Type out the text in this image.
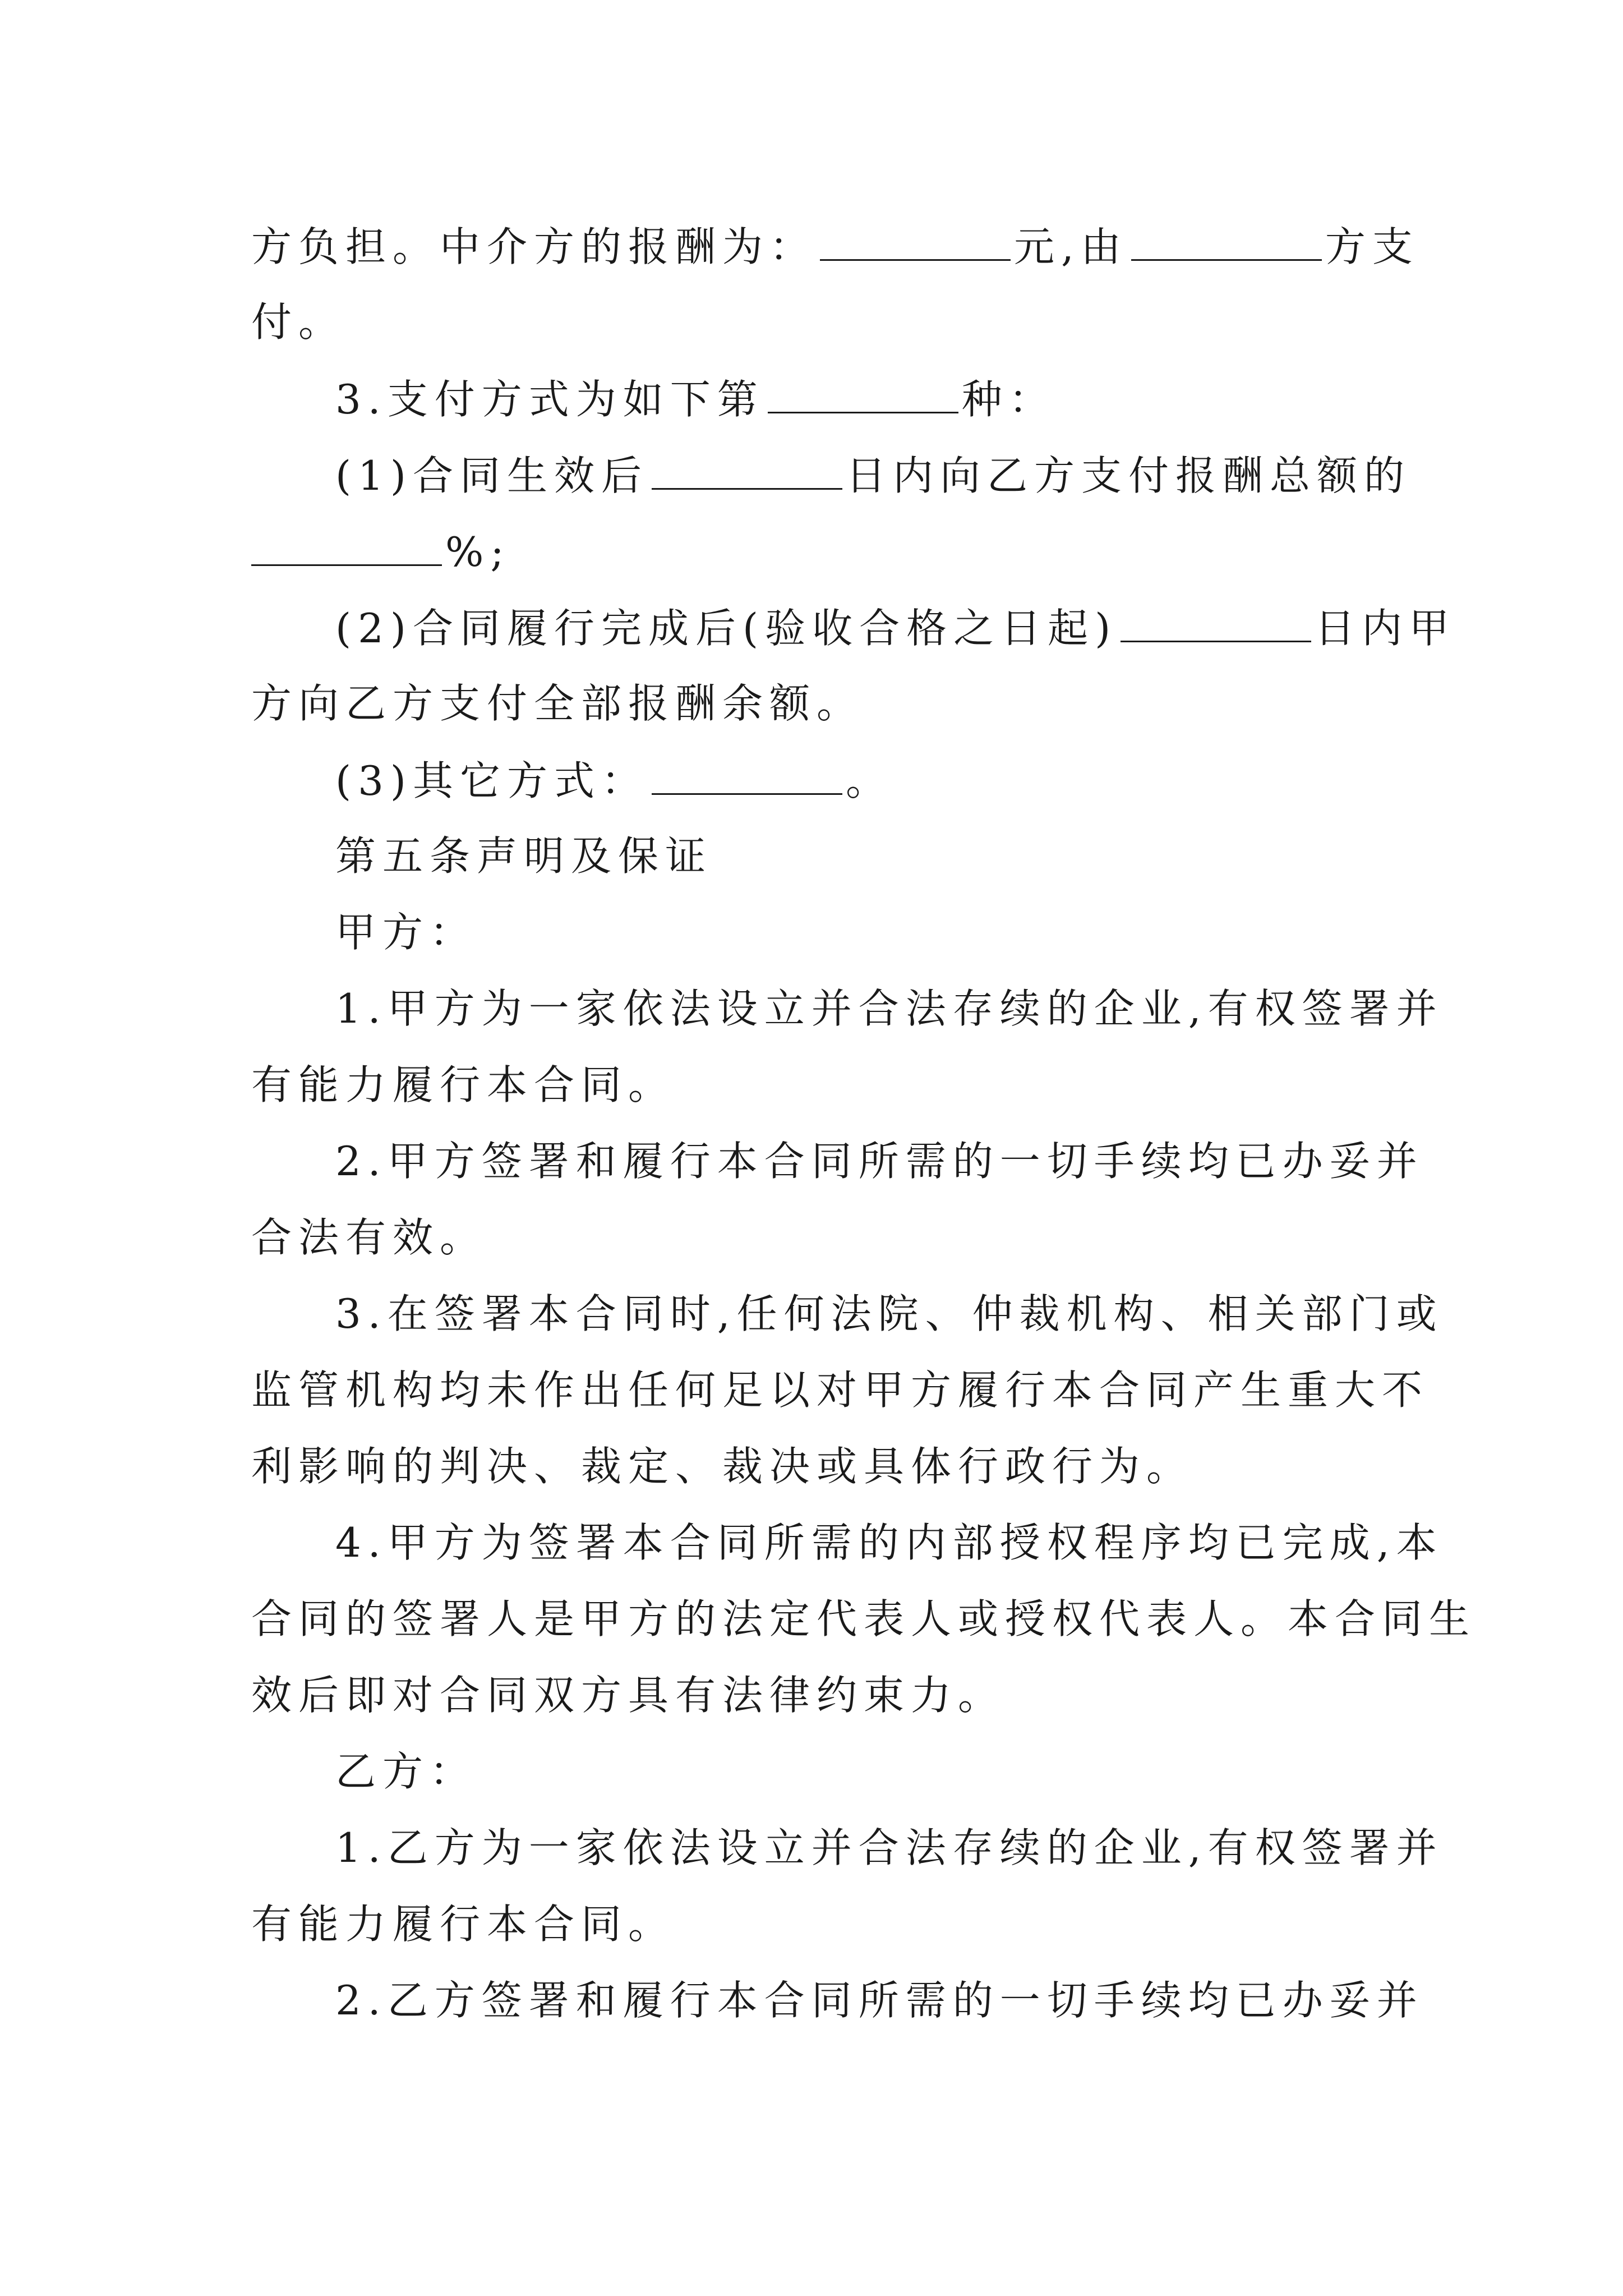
方负担。中介方的报酬为：	元,由	方支
付。
3.支付方式为如下第	种：
(1)合同生效后	日内向乙方支付报酬总额的
%;
(2)合同履行完成后(验收合格之日起)	日内甲
方向乙方支付全部报酬余额。
(3)其它方式：	。
第五条声明及保证
甲方：
1.甲方为一家依法设立并合法存续的企业,有权签署并
有能力履行本合同。
2.甲方签署和履行本合同所需的一切手续均已办妥并
合法有效。
3.在签署本合同时,任何法院、仲裁机构、相关部门或
监管机构均未作出任何足以对甲方履行本合同产生重大不
利影响的判决、裁定、裁决或具体行政行为。
4.甲方为签署本合同所需的内部授权程序均已完成,本
合同的签署人是甲方的法定代表人或授权代表人。本合同生
效后即对合同双方具有法律约束力。
乙方：
1.乙方为一家依法设立并合法存续的企业,有权签署并
有能力履行本合同。
2.乙方签署和履行本合同所需的一切手续均已办妥并
